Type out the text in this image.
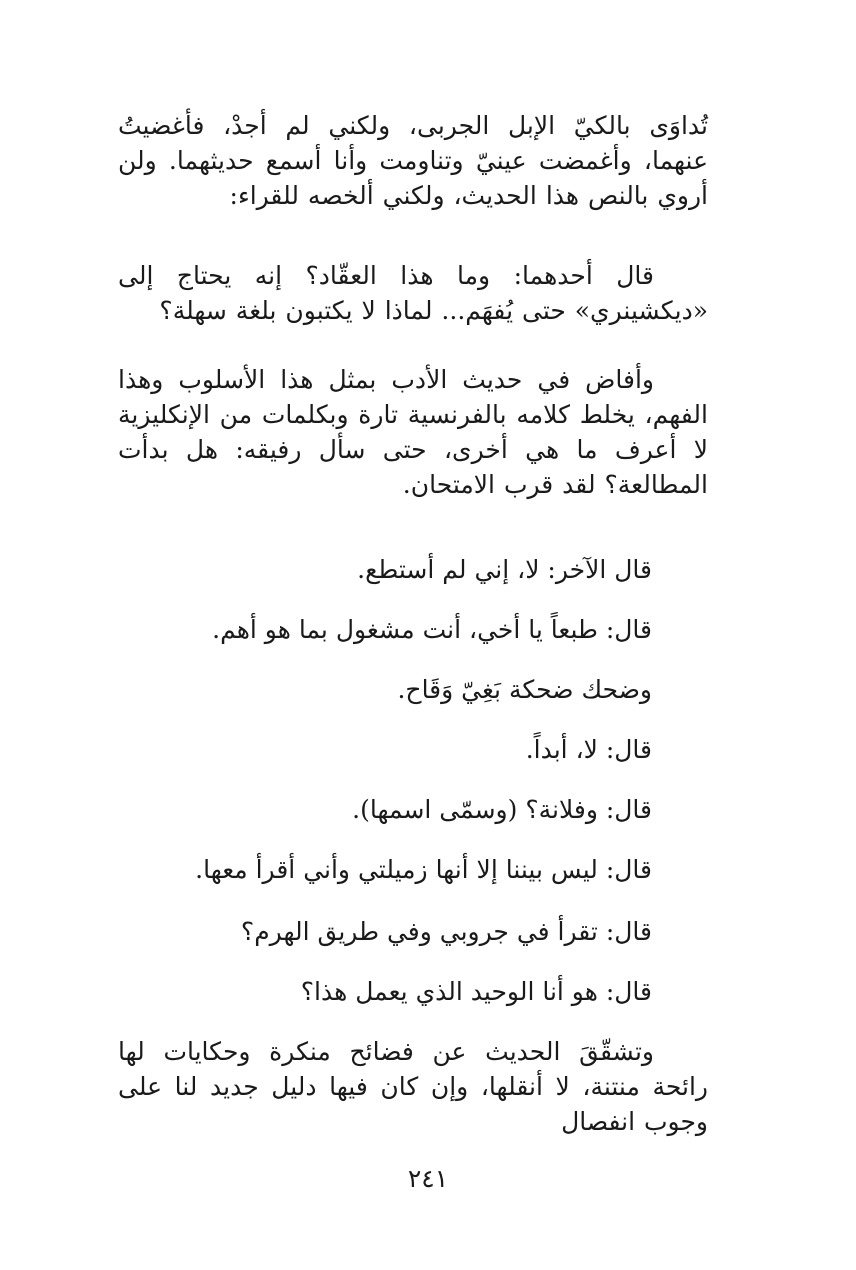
تُداوَى بالكيّ الإبل الجربى، ولكني لم أجدْ، فأغضيتُ عنهما، وأغمضت عينيّ وتناومت وأنا أسمع حديثهما. ولن أروي بالنص هذا الحديث، ولكني ألخصه للقراء:

قال أحدهما: وما هذا العقّاد؟ إنه يحتاج إلى «ديكشينري» حتى يُفهَم... لماذا لا يكتبون بلغة سهلة؟

وأفاض في حديث الأدب بمثل هذا الأسلوب وهذا الفهم، يخلط كلامه بالفرنسية تارة وبكلمات من الإنكليزية لا أعرف ما هي أخرى، حتى سأل رفيقه: هل بدأت المطالعة؟ لقد قرب الامتحان.

قال الآخر: لا، إني لم أستطع.

قال: طبعاً يا أخي، أنت مشغول بما هو أهم.

وضحك ضحكة بَغِيّ وَقَاح.

قال: لا، أبداً.

قال: وفلانة؟ (وسمّى اسمها).

قال: ليس بيننا إلا أنها زميلتي وأني أقرأ معها.

قال: تقرأ في جروبي وفي طريق الهرم؟

قال: هو أنا الوحيد الذي يعمل هذا؟

وتشقّقَ الحديث عن فضائح منكرة وحكايات لها رائحة منتنة، لا أنقلها، وإن كان فيها دليل جديد لنا على وجوب انفصال

٢٤١
